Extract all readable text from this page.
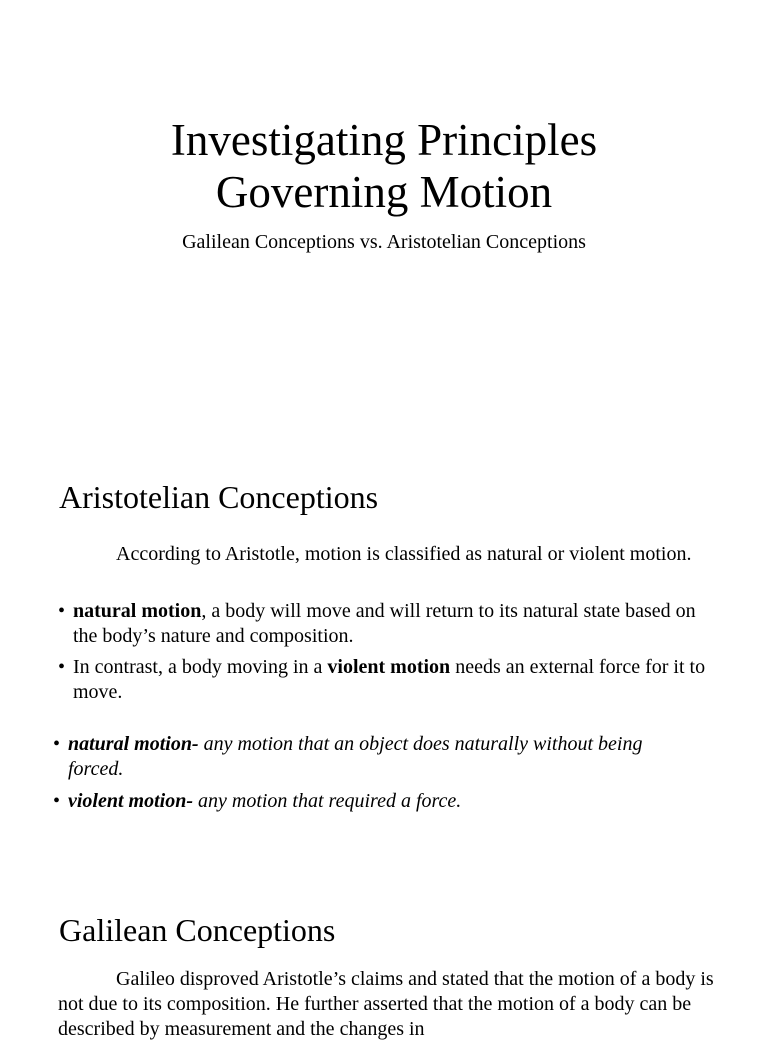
Investigating Principles
Governing Motion

Galilean Conceptions vs. Aristotelian Conceptions

Aristotelian Conceptions

According to Aristotle, motion is classified as natural or violent motion.

• natural motion, a body will move and will return to its natural state based on the body’s nature and composition.
• In contrast, a body moving in a violent motion needs an external force for it to move.
• natural motion- any motion that an object does naturally without being forced.
• violent motion- any motion that required a force.
Galilean Conceptions

Galileo disproved Aristotle’s claims and stated that the motion of a body is not due to its composition. He further asserted that the motion of a body can be described by measurement and the changes in
